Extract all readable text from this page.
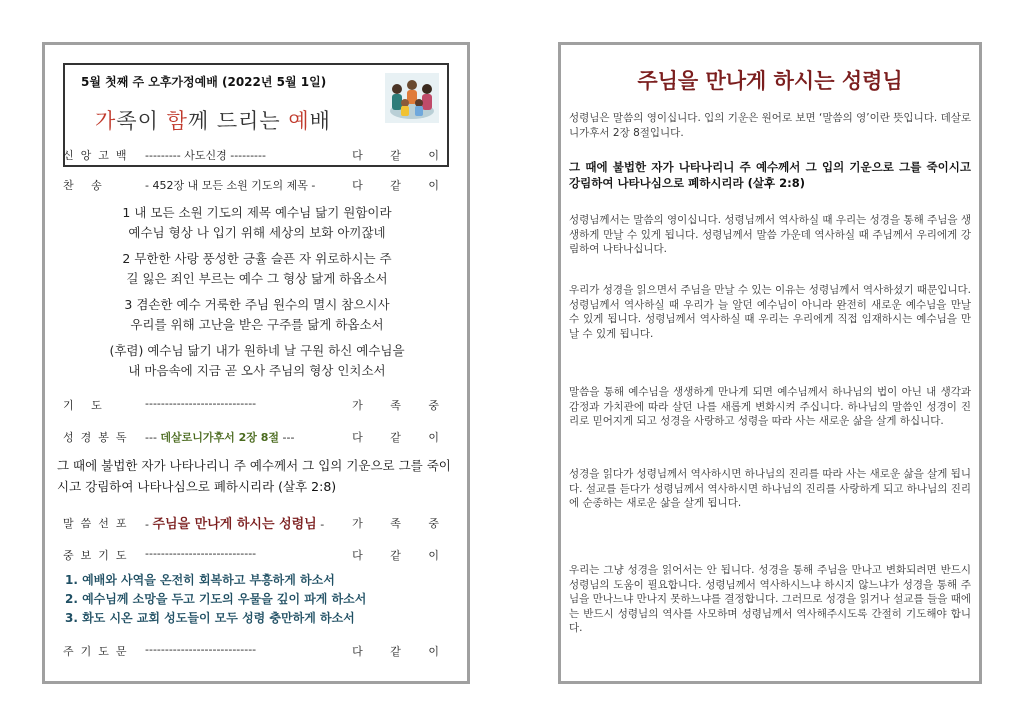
5월 첫째 주 오후가정예배 (2022년 5월 1일)
가족이 함께 드리는 예배
신앙고백 --------- 사도신경 ---------	다 같 이
찬 송	- 452장 내 모든 소원 기도의 제목 -	다 같 이
1 내 모든 소원 기도의 제목 예수님 닮기 원함이라
예수님 형상 나 입기 위해 세상의 보화 아끼잖네
2 무한한 사랑 풍성한 긍휼 슬픈 자 위로하시는 주
길 잃은 죄인 부르는 예수 그 형상 닮게 하옵소서
3 겸손한 예수 거룩한 주님 원수의 멸시 참으시사
우리를 위해 고난을 받은 구주를 닮게 하옵소서
(후렴) 예수님 닮기 내가 원하네 날 구원 하신 예수님을
내 마음속에 지금 곧 오사 주님의 형상 인치소서
기 도	----------------------------	가 족 중
성경봉독 --- 데살로니가후서 2장 8절 ---	다 같 이
그 때에 불법한 자가 나타나리니 주 예수께서 그 입의 기운으로 그를 죽이시고 강림하여 나타나심으로 폐하시리라 (살후 2:8)
말씀선포 - 주님을 만나게 하시는 성령님 -	가 족 중
중보기도 ----------------------------	다 같 이
1. 예배와 사역을 온전히 회복하고 부흥하게 하소서
2. 예수님께 소망을 두고 기도의 우물을 깊이 파게 하소서
3. 화도 시온 교회 성도들이 모두 성령 충만하게 하소서
주기도문 ----------------------------	다 같 이
주님을 만나게 하시는 성령님
성령님은 말씀의 영이십니다. 입의 기운은 원어로 보면 ‘말씀의 영’이란 뜻입니다. 데살로니가후서 2장 8절입니다.
그 때에 불법한 자가 나타나리니 주 예수께서 그 입의 기운으로 그를 죽이시고 강림하여 나타나심으로 폐하시리라 (살후 2:8)
성령님께서는 말씀의 영이십니다. 성령님께서 역사하실 때 우리는 성경을 통해 주님을 생생하게 만날 수 있게 됩니다. 성령님께서 말씀 가운데 역사하실 때 주님께서 우리에게 강림하여 나타나십니다.
우리가 성경을 읽으면서 주님을 만날 수 있는 이유는 성령님께서 역사하셨기 때문입니다. 성령님께서 역사하실 때 우리가 늘 알던 예수님이 아니라 완전히 새로운 예수님을 만날 수 있게 됩니다. 성령님께서 역사하실 때 우리는 우리에게 직접 임재하시는 예수님을 만날 수 있게 됩니다.
말씀을 통해 예수님을 생생하게 만나게 되면 예수님께서 하나님의 법이 아닌 내 생각과 감정과 가치관에 따라 살던 나를 새롭게 변화시켜 주십니다. 하나님의 말씀인 성경이 진리로 믿어지게 되고 성경을 사랑하고 성령을 따라 사는 새로운 삶을 살게 하십니다.
성경을 읽다가 성령님께서 역사하시면 하나님의 진리를 따라 사는 새로운 삶을 살게 됩니다. 설교를 듣다가 성령님께서 역사하시면 하나님의 진리를 사랑하게 되고 하나님의 진리에 순종하는 새로운 삶을 살게 됩니다.
우리는 그냥 성경을 읽어서는 안 됩니다. 성경을 통해 주님을 만나고 변화되려면 반드시 성령님의 도움이 필요합니다. 성령님께서 역사하시느냐 하시지 않느냐가 성경을 통해 주님을 만나느냐 만나지 못하느냐를 결정합니다. 그러므로 성경을 읽거나 설교를 들을 때에는 반드시 성령님의 역사를 사모하며 성령님께서 역사해주시도록 간절히 기도해야 합니다.
